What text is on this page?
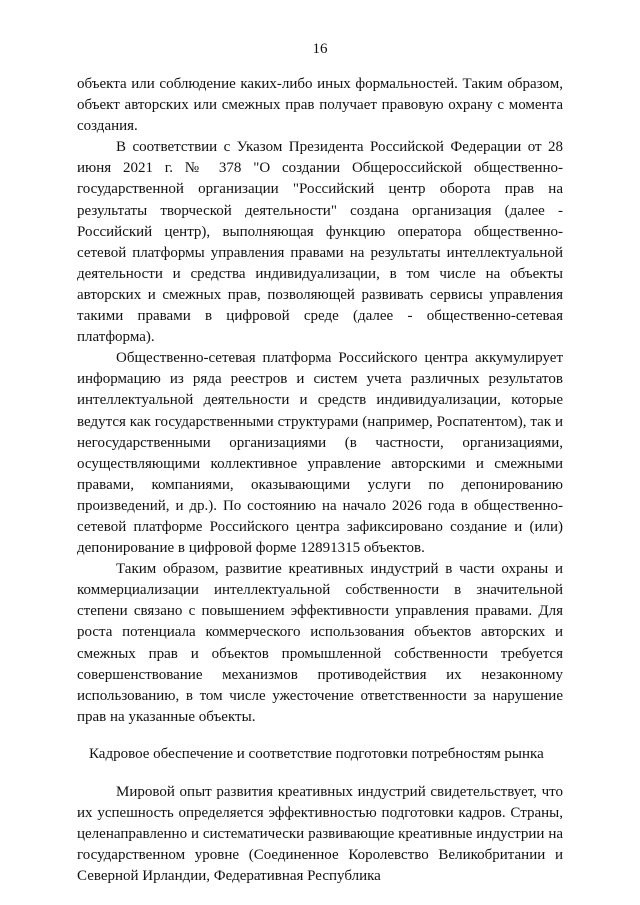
16

объекта или соблюдение каких-либо иных формальностей. Таким образом, объект авторских или смежных прав получает правовую охрану с момента создания.

В соответствии с Указом Президента Российской Федерации от 28 июня 2021 г. № 378 "О создании Общероссийской общественно-государственной организации "Российский центр оборота прав на результаты творческой деятельности" создана организация (далее - Российский центр), выполняющая функцию оператора общественно-сетевой платформы управления правами на результаты интеллектуальной деятельности и средства индивидуализации, в том числе на объекты авторских и смежных прав, позволяющей развивать сервисы управления такими правами в цифровой среде (далее - общественно-сетевая платформа).

Общественно-сетевая платформа Российского центра аккумулирует информацию из ряда реестров и систем учета различных результатов интеллектуальной деятельности и средств индивидуализации, которые ведутся как государственными структурами (например, Роспатентом), так и негосударственными организациями (в частности, организациями, осуществляющими коллективное управление авторскими и смежными правами, компаниями, оказывающими услуги по депонированию произведений, и др.). По состоянию на начало 2026 года в общественно-сетевой платформе Российского центра зафиксировано создание и (или) депонирование в цифровой форме 12891315 объектов.

Таким образом, развитие креативных индустрий в части охраны и коммерциализации интеллектуальной собственности в значительной степени связано с повышением эффективности управления правами. Для роста потенциала коммерческого использования объектов авторских и смежных прав и объектов промышленной собственности требуется совершенствование механизмов противодействия их незаконному использованию, в том числе ужесточение ответственности за нарушение прав на указанные объекты.

Кадровое обеспечение и соответствие подготовки потребностям рынка

Мировой опыт развития креативных индустрий свидетельствует, что их успешность определяется эффективностью подготовки кадров. Страны, целенаправленно и систематически развивающие креативные индустрии на государственном уровне (Соединенное Королевство Великобритании и Северной Ирландии, Федеративная Республика
